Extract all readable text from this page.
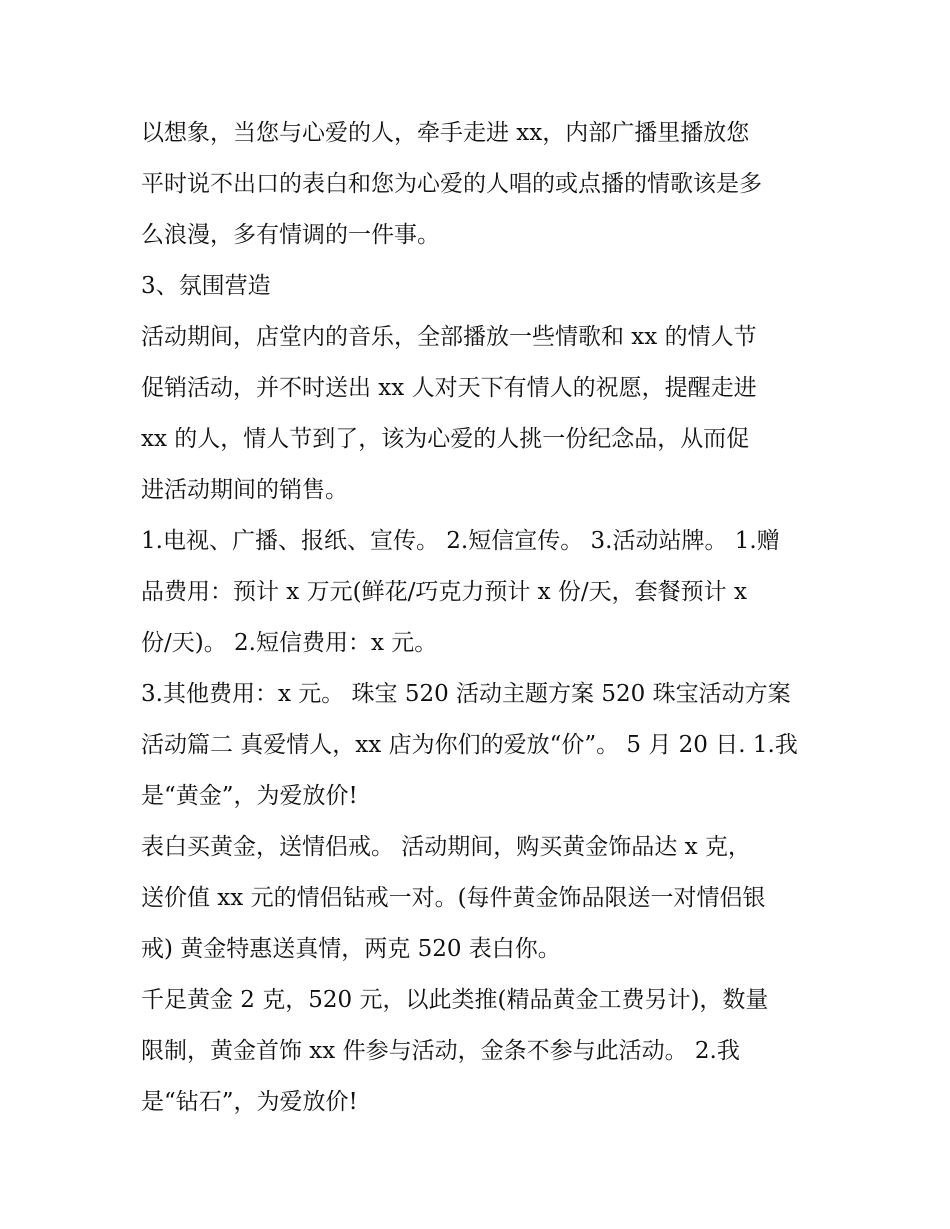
以想象，当您与心爱的人，牵手走进 xx，内部广播里播放您

平时说不出口的表白和您为心爱的人唱的或点播的情歌该是多

么浪漫，多有情调的一件事。

3、氛围营造

活动期间，店堂内的音乐，全部播放一些情歌和 xx 的情人节

促销活动，并不时送出 xx 人对天下有情人的祝愿，提醒走进

xx 的人，情人节到了，该为心爱的人挑一份纪念品，从而促

进活动期间的销售。

1.电视、广播、报纸、宣传。 2.短信宣传。 3.活动站牌。 1.赠

品费用：预计 x 万元(鲜花/巧克力预计 x 份/天，套餐预计 x

份/天)。 2.短信费用：x 元。

3.其他费用：x 元。 珠宝 520 活动主题方案 520 珠宝活动方案

活动篇二 真爱情人，xx 店为你们的爱放“价”。 5 月 20 日. 1.我

是“黄金”，为爱放价!

表白买黄金，送情侣戒。 活动期间，购买黄金饰品达 x 克，

送价值 xx 元的情侣钻戒一对。(每件黄金饰品限送一对情侣银

戒) 黄金特惠送真情，两克 520 表白你。

千足黄金 2 克，520 元，以此类推(精品黄金工费另计)，数量

限制，黄金首饰 xx 件参与活动，金条不参与此活动。 2.我

是“钻石”，为爱放价!
